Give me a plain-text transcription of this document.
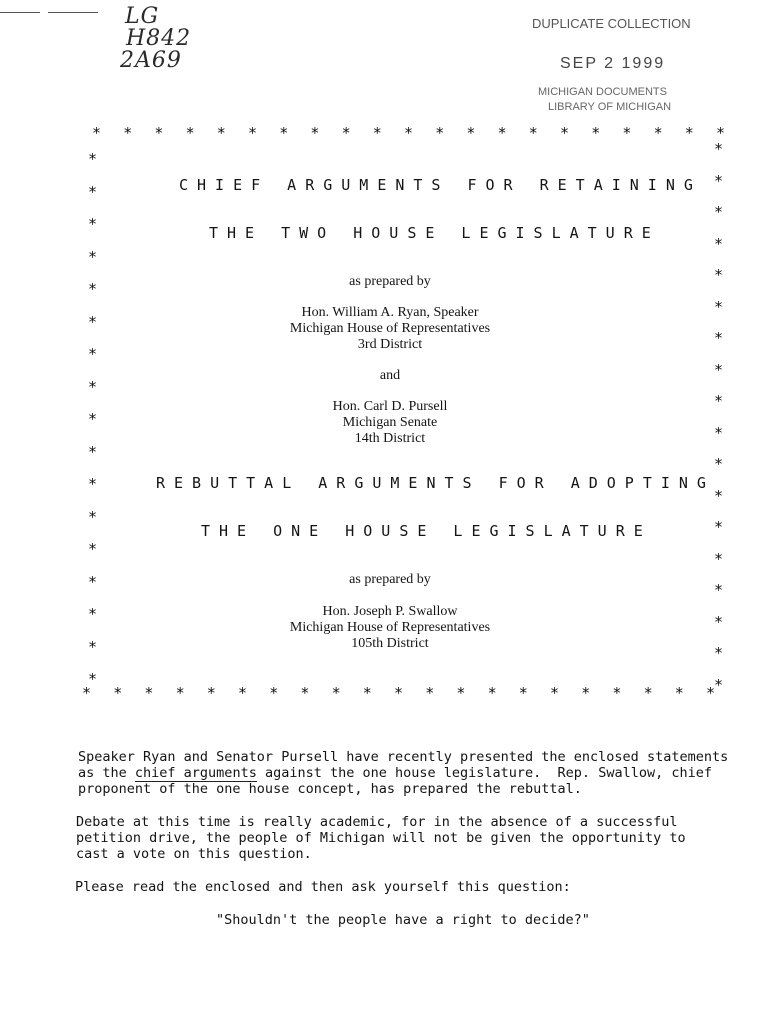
LG
H842
2A69
DUPLICATE COLLECTION
SEP 2 1999
MICHIGAN DOCUMENTS
LIBRARY OF MICHIGAN
* * * * * * * * * * * * * * * * * * * * *
* * * * * * * * * * * * * * * * * * * * *
*
*
*
*
*
*
*
*
*
*
*
*
*
*
*
*
*
*
*
*
*
*
*
*
*
*
*
*
*
*
*
*
*
*
*
CHIEF ARGUMENTS FOR RETAINING
THE TWO HOUSE LEGISLATURE
as prepared by
Hon. William A. Ryan, Speaker
Michigan House of Representatives
3rd District
and
Hon. Carl D. Pursell
Michigan Senate
14th District
REBUTTAL ARGUMENTS FOR ADOPTING
THE ONE HOUSE LEGISLATURE
as prepared by
Hon. Joseph P. Swallow
Michigan House of Representatives
105th District
Speaker Ryan and Senator Pursell have recently presented the enclosed statements
as the chief arguments against the one house legislature.  Rep. Swallow, chief
proponent of the one house concept, has prepared the rebuttal.
Debate at this time is really academic, for in the absence of a successful
petition drive, the people of Michigan will not be given the opportunity to
cast a vote on this question.
Please read the enclosed and then ask yourself this question:
"Shouldn't the people have a right to decide?"
